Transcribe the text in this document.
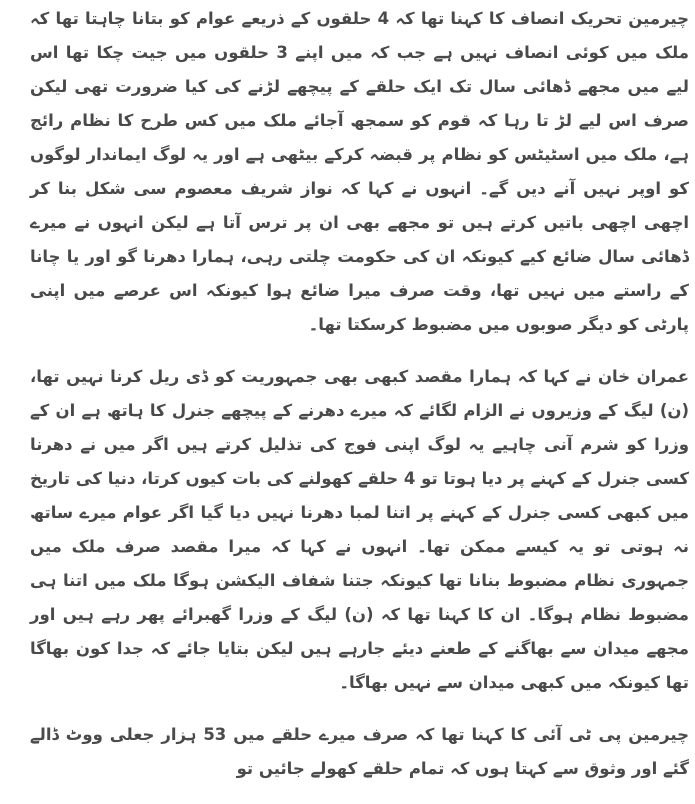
چیرمین تحریک انصاف کا کہنا تھا کہ 4 حلقوں کے ذریعے عوام کو بتانا چاہتا تھا کہ ملک میں کوئی انصاف نہیں ہے جب کہ میں اپنے 3 حلقوں میں جیت چکا تھا اس لیے میں مجھے ڈھائی سال تک ایک حلقے کے پیچھے لڑنے کی کیا ضرورت تھی لیکن صرف اس لیے لڑ تا رہا کہ قوم کو سمجھ آجائے ملک میں کس طرح کا نظام رائج ہے، ملک میں اسٹیٹس کو نظام پر قبضہ کرکے بیٹھی ہے اور یہ لوگ ایماندار لوگوں کو اوپر نہیں آنے دیں گے۔ انہوں نے کہا کہ نواز شریف معصوم سی شکل بنا کر اچھی اچھی باتیں کرتے ہیں تو مجھے بھی ان پر ترس آتا ہے لیکن انہوں نے میرے ڈھائی سال ضائع کیے کیونکہ ان کی حکومت چلتی رہی، ہمارا دھرنا گو اور یا چانا کے راستے میں نہیں تھا، وقت صرف میرا ضائع ہوا کیونکہ اس عرصے میں اپنی پارٹی کو دیگر صوبوں میں مضبوط کرسکتا تھا۔

عمران خان نے کہا کہ ہمارا مقصد کبھی بھی جمہوریت کو ڈی ریل کرنا نہیں تھا، (ن) لیگ کے وزیروں نے الزام لگائے کہ میرے دھرنے کے پیچھے جنرل کا ہاتھ ہے ان کے وزرا کو شرم آنی چاہیے یہ لوگ اپنی فوج کی تذلیل کرتے ہیں اگر میں نے دھرنا کسی جنرل کے کہنے پر دیا ہوتا تو 4 حلقے کھولنے کی بات کیوں کرتا، دنیا کی تاریخ میں کبھی کسی جنرل کے کہنے پر اتنا لمبا دھرنا نہیں دیا گیا اگر عوام میرے ساتھ نہ ہوتی تو یہ کیسے ممکن تھا۔ انہوں نے کہا کہ میرا مقصد صرف ملک میں جمہوری نظام مضبوط بنانا تھا کیونکہ جتنا شفاف الیکشن ہوگا ملک میں اتنا ہی مضبوط نظام ہوگا۔ ان کا کہنا تھا کہ (ن) لیگ کے وزرا گھبرائے پھر رہے ہیں اور مجھے میدان سے بھاگنے کے طعنے دیئے جارہے ہیں لیکن بتایا جائے کہ جدا کون بھاگا تھا کیونکہ میں کبھی میدان سے نہیں بھاگا۔

چیرمین پی ٹی آئی کا کہنا تھا کہ صرف میرے حلقے میں 53 ہزار جعلی ووٹ ڈالے گئے اور وثوق سے کہتا ہوں کہ تمام حلقے کھولے جائیں تو
